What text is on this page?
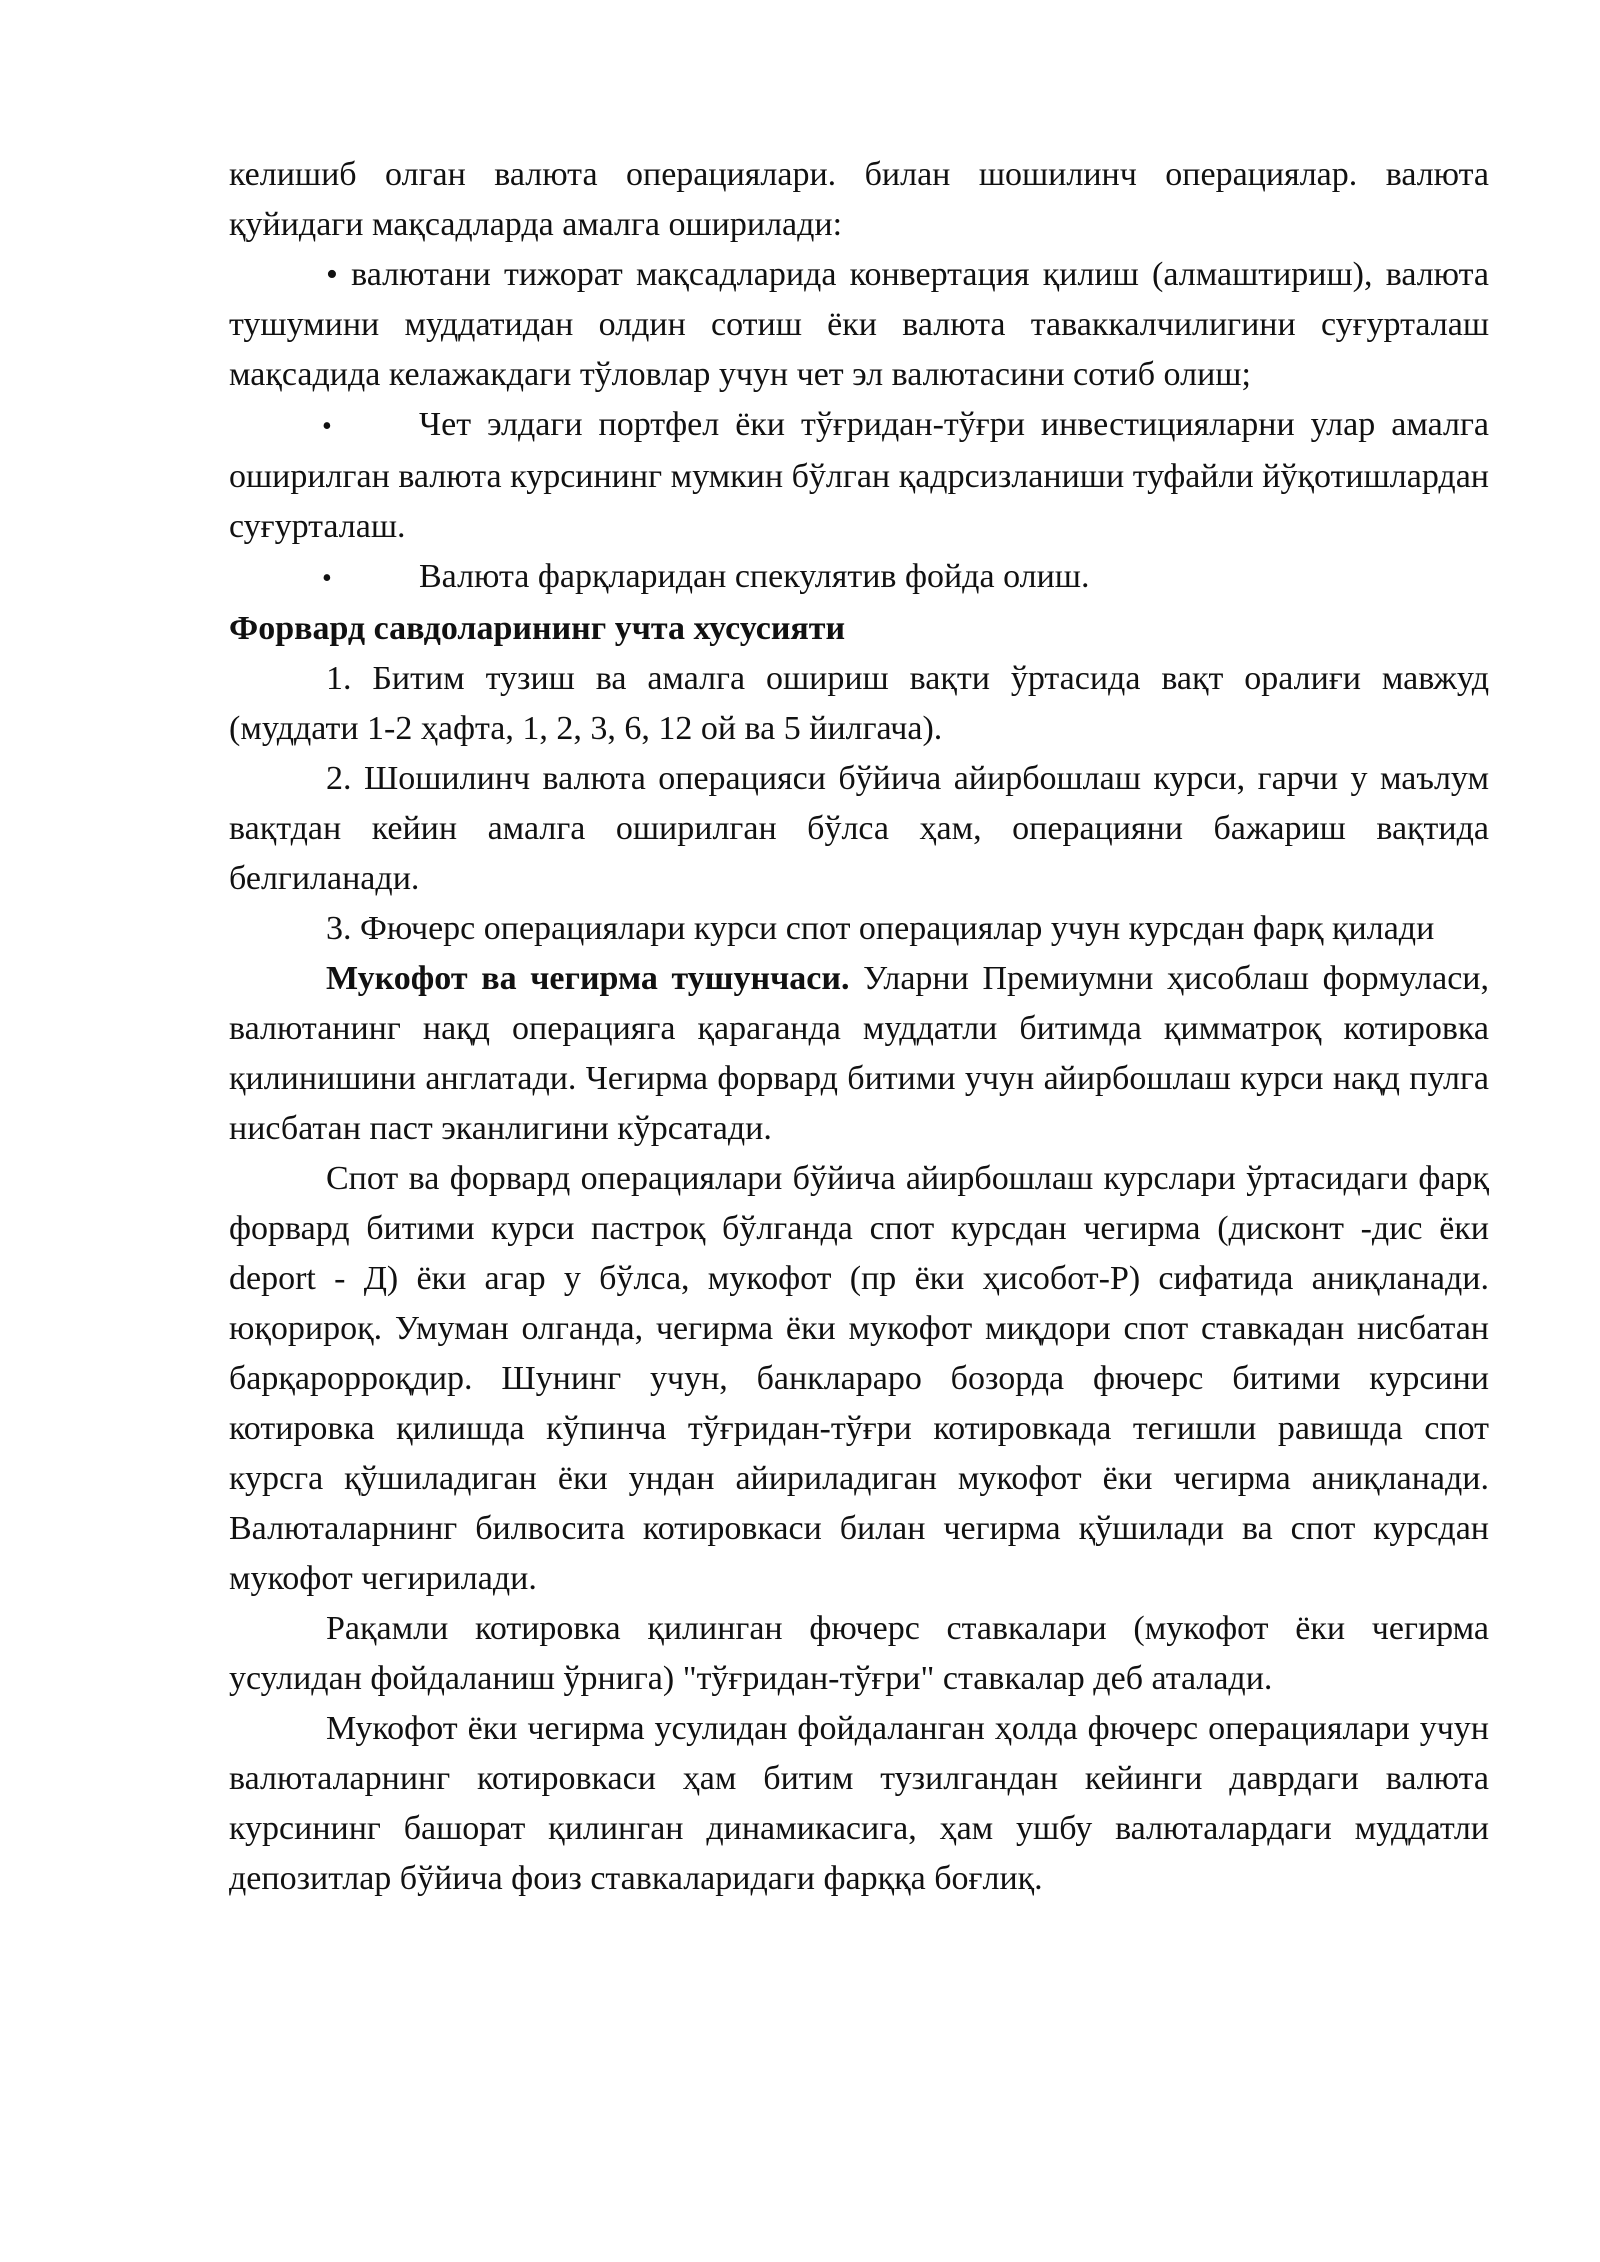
келишиб олган валюта операциялари. билан шошилинч операциялар. валюта қуйидаги мақсадларда амалга оширилади:

• валютани тижорат мақсадларида конвертация қилиш (алмаштириш), валюта тушумини муддатидан олдин сотиш ёки валюта таваккалчилигини суғурталаш мақсадида келажакдаги тўловлар учун чет эл валютасини сотиб олиш;

•	Чет элдаги портфел ёки тўғридан-тўғри инвестицияларни улар амалга оширилган валюта курсининг мумкин бўлган қадрсизланиши туфайли йўқотишлардан суғурталаш.

•	Валюта фарқларидан спекулятив фойда олиш.

Форвард савдоларининг учта хусусияти

1. Битим тузиш ва амалга ошириш вақти ўртасида вақт оралиғи мавжуд (муддати 1-2 ҳафта, 1, 2, 3, 6, 12 ой ва 5 йилгача).

2. Шошилинч валюта операцияси бўйича айирбошлаш курси, гарчи у маълум вақтдан кейин амалга оширилган бўлса ҳам, операцияни бажариш вақтида белгиланади.

3. Фючерс операциялари курси спот операциялар учун курсдан фарқ қилади

Мукофот ва чегирма тушунчаси. Уларни Премиумни ҳисоблаш формуласи, валютанинг нақд операцияга қараганда муддатли битимда қимматроқ котировка қилинишини англатади. Чегирма форвард битими учун айирбошлаш курси нақд пулга нисбатан паст эканлигини кўрсатади.

Спот ва форвард операциялари бўйича айирбошлаш курслари ўртасидаги фарқ форвард битими курси пастроқ бўлганда спот курсдан чегирма (дисконт -дис ёки deport - Д) ёки агар у бўлса, мукофот (пр ёки ҳисобот-Р) сифатида аниқланади. юқорироқ. Умуман олганда, чегирма ёки мукофот миқдори спот ставкадан нисбатан барқарорроқдир. Шунинг учун, банклараро бозорда фючерс битими курсини котировка қилишда кўпинча тўғридан-тўғри котировкада тегишли равишда спот курсга қўшиладиган ёки ундан айириладиган мукофот ёки чегирма аниқланади. Валюталарнинг билвосита котировкаси билан чегирма қўшилади ва спот курсдан мукофот чегирилади.

Рақамли котировка қилинган фючерс ставкалари (мукофот ёки чегирма усулидан фойдаланиш ўрнига) "тўғридан-тўғри" ставкалар деб аталади.

Мукофот ёки чегирма усулидан фойдаланган ҳолда фючерс операциялари учун валюталарнинг котировкаси ҳам битим тузилгандан кейинги даврдаги валюта курсининг башорат қилинган динамикасига, ҳам ушбу валюталардаги муддатли депозитлар бўйича фоиз ставкаларидаги фарққа боғлиқ.
